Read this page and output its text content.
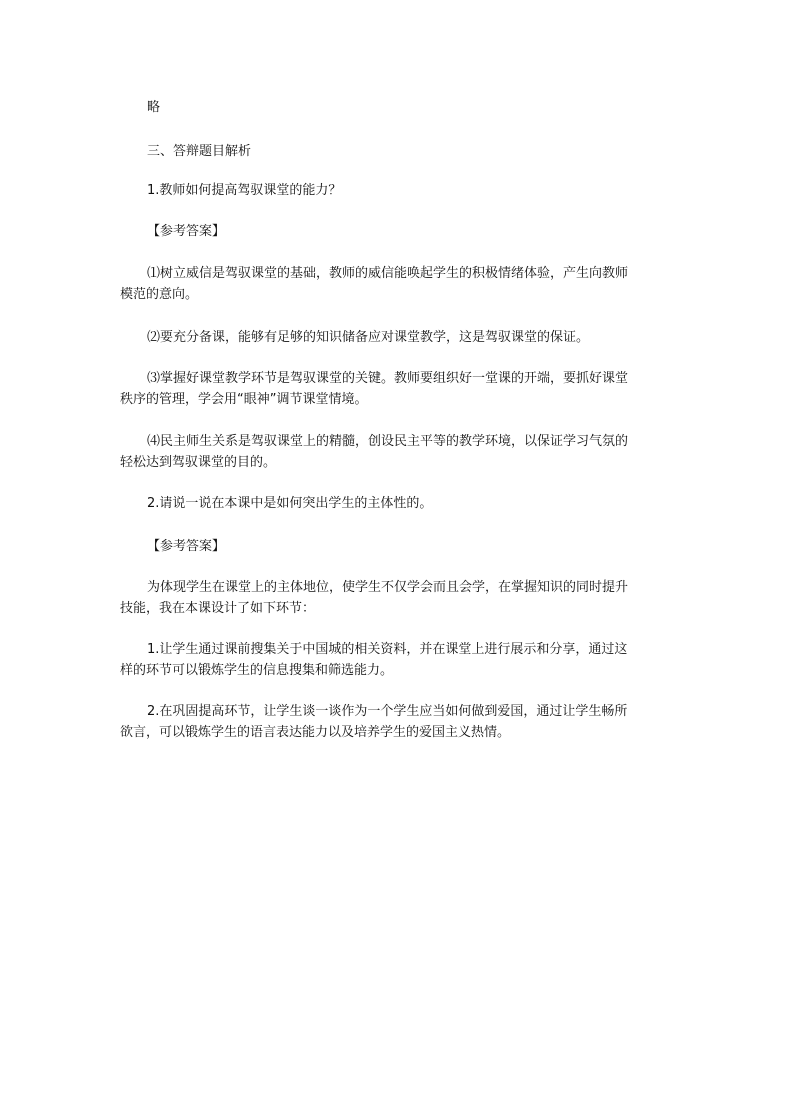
略

三、答辩题目解析

1.教师如何提高驾驭课堂的能力？

【参考答案】

⑴树立威信是驾驭课堂的基础，教师的威信能唤起学生的积极情绪体验，产生向教师
模范的意向。

⑵要充分备课，能够有足够的知识储备应对课堂教学，这是驾驭课堂的保证。

⑶掌握好课堂教学环节是驾驭课堂的关键。教师要组织好一堂课的开端，要抓好课堂
秩序的管理，学会用“眼神”调节课堂情境。
⑷民主师生关系是驾驭课堂上的精髓，创设民主平等的教学环境，以保证学习气氛的
轻松达到驾驭课堂的目的。

2.请说一说在本课中是如何突出学生的主体性的。

【参考答案】

为体现学生在课堂上的主体地位，使学生不仅学会而且会学，在掌握知识的同时提升
技能，我在本课设计了如下环节：
1.让学生通过课前搜集关于中国城的相关资料，并在课堂上进行展示和分享，通过这
样的环节可以锻炼学生的信息搜集和筛选能力。
2.在巩固提高环节，让学生谈一谈作为一个学生应当如何做到爱国，通过让学生畅所
欲言，可以锻炼学生的语言表达能力以及培养学生的爱国主义热情。
